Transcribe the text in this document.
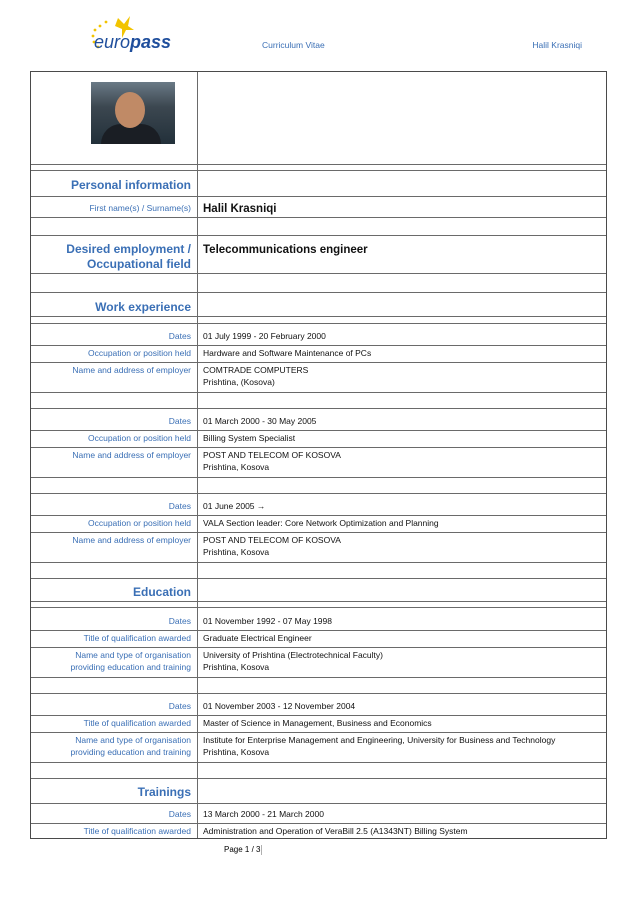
europass	Curriculum Vitae	Halil Krasniqi
Personal information
First name(s) / Surname(s) Halil Krasniqi
Desired employment /
Occupational field
Telecommunications engineer
Work experience
Dates 01 July 1999 - 20 February 2000
Occupation or position held Hardware and Software Maintenance of PCs
Name and address of employer COMTRADE COMPUTERS
Prishtina, (Kosova)
Dates 01 March 2000 - 30 May 2005
Occupation or position held Billing System Specialist
Name and address of employer POST AND TELECOM OF KOSOVA
Prishtina, Kosova
Dates 01 June 2005 →
Occupation or position held VALA Section leader: Core Network Optimization and Planning
Name and address of employer POST AND TELECOM OF KOSOVA
Prishtina, Kosova
Education
Dates 01 November 1992 - 07 May 1998
Title of qualification awarded Graduate Electrical Engineer
Name and type of organisation
providing education and training
University of Prishtina (Electrotechnical Faculty)
Prishtina, Kosova
Dates 01 November 2003 - 12 November 2004
Title of qualification awarded Master of Science in Management, Business and Economics
Name and type of organisation
providing education and training
Institute for Enterprise Management and Engineering, University for Business and Technology
Prishtina, Kosova
Trainings
Dates 13 March 2000 - 21 March 2000
Title of qualification awarded Administration and Operation of VeraBill 2.5 (A1343NT) Billing System
Page 1 / 3
